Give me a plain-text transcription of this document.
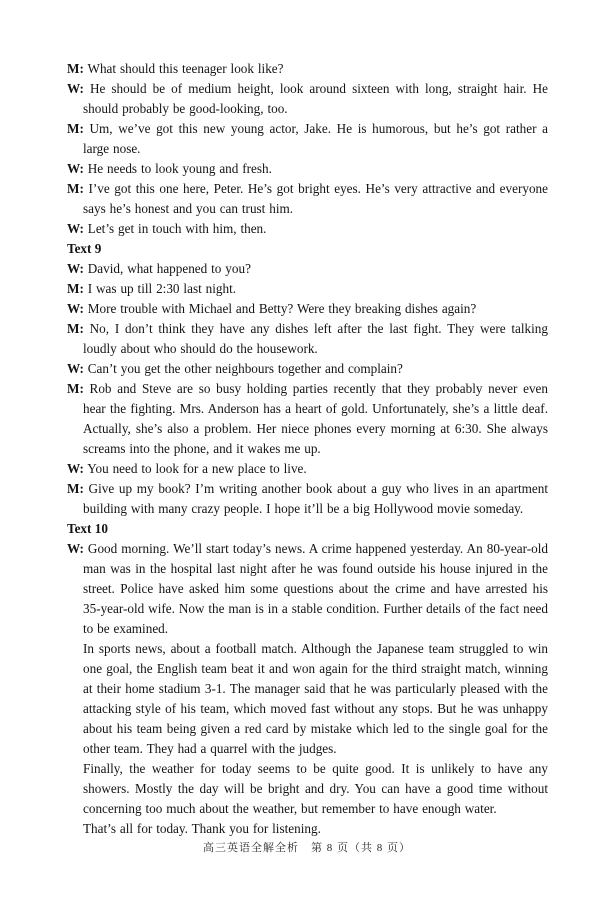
M: What should this teenager look like?

W: He should be of medium height, look around sixteen with long, straight hair. He should probably be good-looking, too.

M: Um, we’ve got this new young actor, Jake. He is humorous, but he’s got rather a large nose.

W: He needs to look young and fresh.

M: I’ve got this one here, Peter. He’s got bright eyes. He’s very attractive and everyone says he’s honest and you can trust him.

W: Let’s get in touch with him, then.

Text 9

W: David, what happened to you?

M: I was up till 2:30 last night.

W: More trouble with Michael and Betty? Were they breaking dishes again?

M: No, I don’t think they have any dishes left after the last fight. They were talking loudly about who should do the housework.

W: Can’t you get the other neighbours together and complain?

M: Rob and Steve are so busy holding parties recently that they probably never even hear the fighting. Mrs. Anderson has a heart of gold. Unfortunately, she’s a little deaf. Actually, she’s also a problem. Her niece phones every morning at 6:30. She always screams into the phone, and it wakes me up.

W: You need to look for a new place to live.

M: Give up my book? I’m writing another book about a guy who lives in an apartment building with many crazy people. I hope it’ll be a big Hollywood movie someday.

Text 10

W: Good morning. We’ll start today’s news. A crime happened yesterday. An 80-year-old man was in the hospital last night after he was found outside his house injured in the street. Police have asked him some questions about the crime and have arrested his 35-year-old wife. Now the man is in a stable condition. Further details of the fact need to be examined.

In sports news, about a football match. Although the Japanese team struggled to win one goal, the English team beat it and won again for the third straight match, winning at their home stadium 3-1. The manager said that he was particularly pleased with the attacking style of his team, which moved fast without any stops. But he was unhappy about his team being given a red card by mistake which led to the single goal for the other team. They had a quarrel with the judges.

Finally, the weather for today seems to be quite good. It is unlikely to have any showers. Mostly the day will be bright and dry. You can have a good time without concerning too much about the weather, but remember to have enough water.

That’s all for today. Thank you for listening.

高三英语全解全析　第 8 页（共 8 页）
